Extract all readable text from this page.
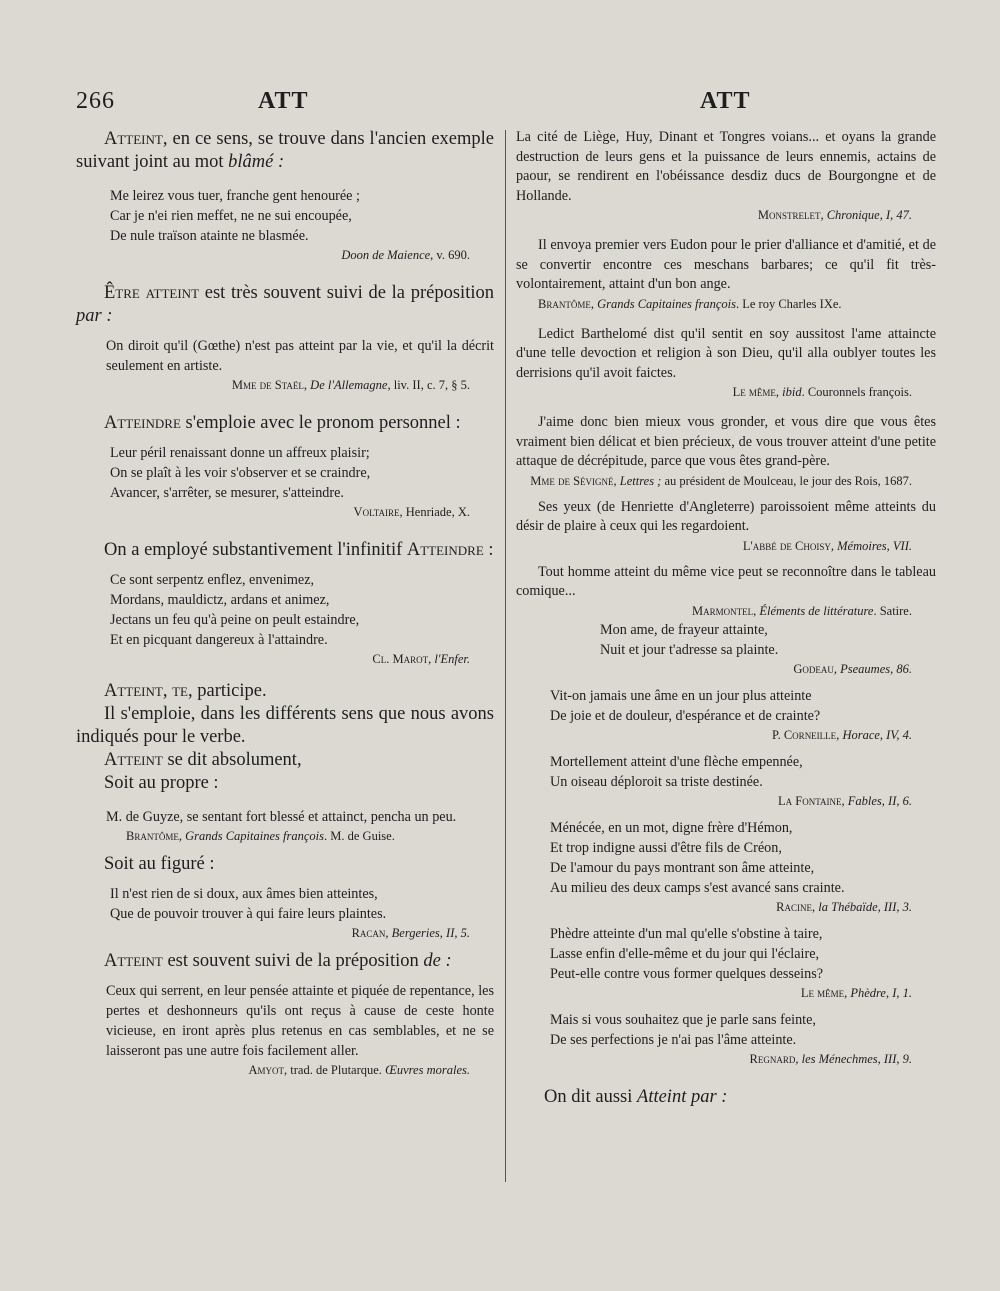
266	ATT	ATT
Atteint, en ce sens, se trouve dans l'ancien exemple suivant joint au mot blâmé :
Me leirez vous tuer, franche gent henourée ;
Car je n'ei rien meffet, ne ne sui encoupée,
De nule traïson atainte ne blasmée.
Doon de Maience, v. 690.
Être atteint est très souvent suivi de la préposition par :
On diroit qu'il (Gœthe) n'est pas atteint par la vie, et qu'il la décrit seulement en artiste.
Mme de Staël, De l'Allemagne, liv. II, c. 7, § 5.
Atteindre s'emploie avec le pronom personnel :
Leur péril renaissant donne un affreux plaisir;
On se plaît à les voir s'observer et se craindre,
Avancer, s'arrêter, se mesurer, s'atteindre.
Voltaire, Henriade, X.
On a employé substantivement l'infinitif Atteindre :
Ce sont serpentz enflez, envenimez,
Mordans, mauldictz, ardans et animez,
Jectans un feu qu'à peine on peult estaindre,
Et en picquant dangereux à l'attaindre.
Cl. Marot, l'Enfer.
Atteint, te, participe.
Il s'emploie, dans les différents sens que nous avons indiqués pour le verbe.
Atteint se dit absolument,
Soit au propre :
M. de Guyze, se sentant fort blessé et attainct, pencha un peu.
Brantôme, Grands Capitaines françois. M. de Guise.
Soit au figuré :
Il n'est rien de si doux, aux âmes bien atteintes,
Que de pouvoir trouver à qui faire leurs plaintes.
Racan, Bergeries, II, 5.
Atteint est souvent suivi de la préposition de :
Ceux qui serrent, en leur pensée attainte et piquée de repentance, les pertes et deshonneurs qu'ils ont reçus à cause de ceste honte vicieuse, en iront après plus retenus en cas semblables, et ne se laisseront pas une autre fois facilement aller.
Amyot, trad. de Plutarque. Œuvres morales.
La cité de Liège, Huy, Dinant et Tongres voians... et oyans la grande destruction de leurs gens et la puissance de leurs ennemis, actains de paour, se rendirent en l'obéissance desdiz ducs de Bourgongne et de Hollande.
Monstrelet, Chronique, I, 47.
Il envoya premier vers Eudon pour le prier d'alliance et d'amitié, et de se convertir encontre ces meschans barbares; ce qu'il fit très-volontairement, attaint d'un bon ange.
Brantôme, Grands Capitaines françois. Le roy Charles IXe.
Ledict Barthelomé dist qu'il sentit en soy aussitost l'ame attaincte d'une telle devoction et religion à son Dieu, qu'il alla oublyer toutes les derrisions qu'il avoit faictes.
Le même, ibid. Couronnels françois.
J'aime donc bien mieux vous gronder, et vous dire que vous êtes vraiment bien délicat et bien précieux, de vous trouver atteint d'une petite attaque de décrépitude, parce que vous êtes grand-père.
Mme de Sévigné, Lettres ; au président de Moulceau, le jour des Rois, 1687.
Ses yeux (de Henriette d'Angleterre) paroissoient même atteints du désir de plaire à ceux qui les regardoient.
L'abbé de Choisy, Mémoires, VII.
Tout homme atteint du même vice peut se reconnoître dans le tableau comique...
Marmontel, Éléments de littérature. Satire.
Mon ame, de frayeur attainte,
Nuit et jour t'adresse sa plainte.
Godeau, Pseaumes, 86.
Vit-on jamais une âme en un jour plus atteinte
De joie et de douleur, d'espérance et de crainte?
P. Corneille, Horace, IV, 4.
Mortellement atteint d'une flèche empennée,
Un oiseau déploroit sa triste destinée.
La Fontaine, Fables, II, 6.
Ménécée, en un mot, digne frère d'Hémon,
Et trop indigne aussi d'être fils de Créon,
De l'amour du pays montrant son âme atteinte,
Au milieu des deux camps s'est avancé sans crainte.
Racine, la Thébaïde, III, 3.
Phèdre atteinte d'un mal qu'elle s'obstine à taire,
Lasse enfin d'elle-même et du jour qui l'éclaire,
Peut-elle contre vous former quelques desseins?
Le même, Phèdre, I, 1.
Mais si vous souhaitez que je parle sans feinte,
De ses perfections je n'ai pas l'âme atteinte.
Regnard, les Ménechmes, III, 9.
On dit aussi Atteint par :
